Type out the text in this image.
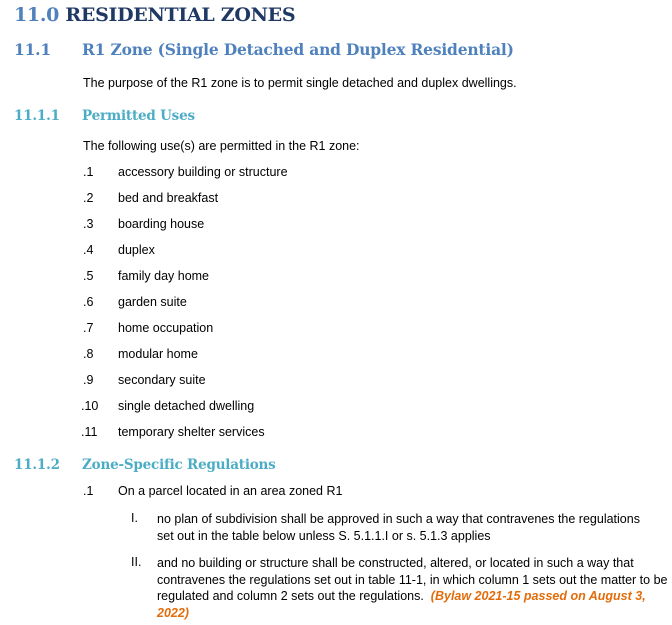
11.0 RESIDENTIAL ZONES
11.1 R1 Zone (Single Detached and Duplex Residential)
The purpose of the R1 zone is to permit single detached and duplex dwellings.
11.1.1 Permitted Uses
The following use(s) are permitted in the R1 zone:
.1 accessory building or structure
.2 bed and breakfast
.3 boarding house
.4 duplex
.5 family day home
.6 garden suite
.7 home occupation
.8 modular home
.9 secondary suite
.10 single detached dwelling
.11 temporary shelter services
11.1.2 Zone-Specific Regulations
.1 On a parcel located in an area zoned R1
I. no plan of subdivision shall be approved in such a way that contravenes the regulations set out in the table below unless S. 5.1.1.I or s. 5.1.3 applies
II. and no building or structure shall be constructed, altered, or located in such a way that contravenes the regulations set out in table 11-1, in which column 1 sets out the matter to be regulated and column 2 sets out the regulations. (Bylaw 2021-15 passed on August 3, 2022)
